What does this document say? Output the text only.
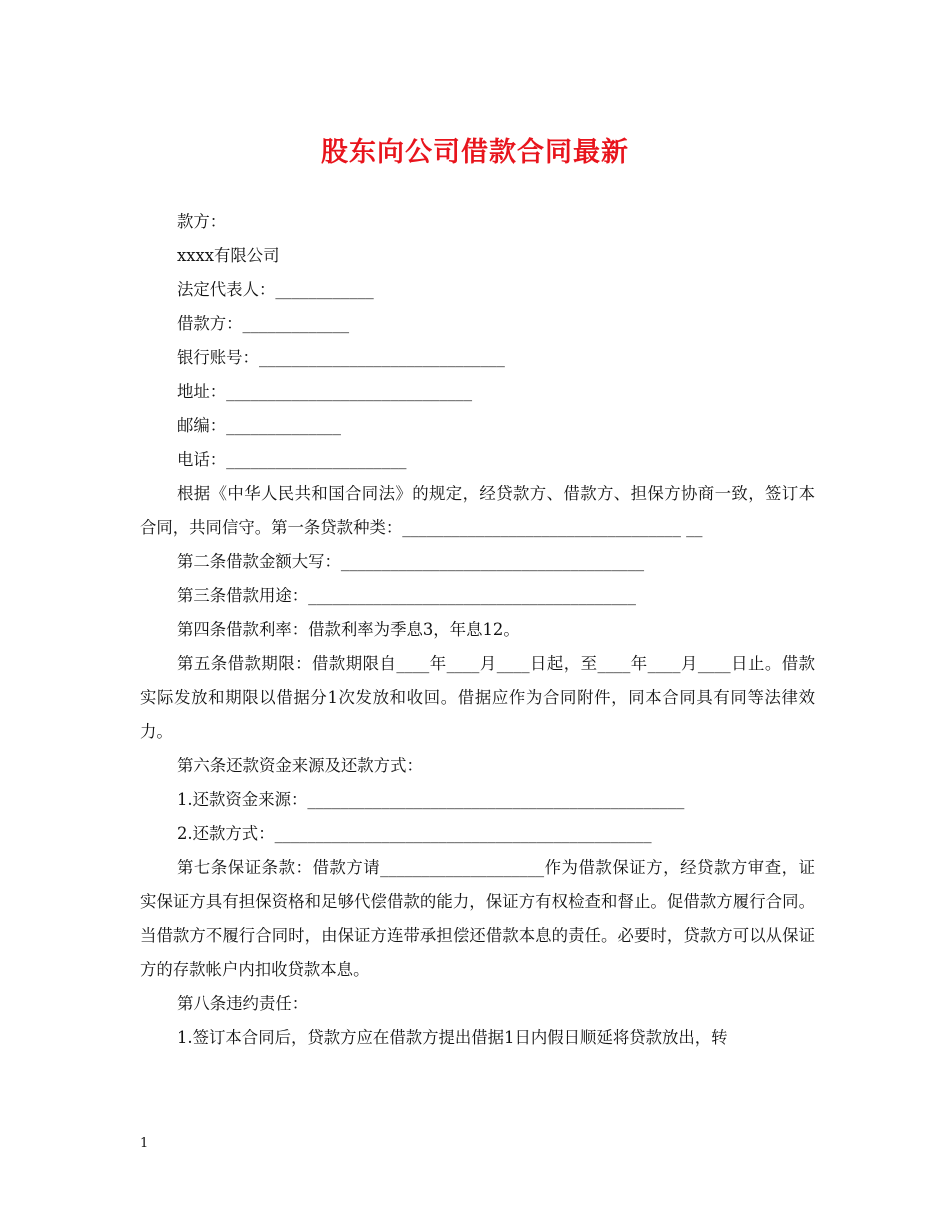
股东向公司借款合同最新

款方：

xxxx有限公司

法定代表人：____________

借款方：_____________

银行账号：______________________________

地址：______________________________

邮编：______________

电话：______________________

根据《中华人民共和国合同法》的规定，经贷款方、借款方、担保方协商一致，签订本合同，共同信守。第一条贷款种类：__________________________________ __

第二条借款金额大写：_____________________________________

第三条借款用途：________________________________________

第四条借款利率：借款利率为季息3，年息12。

第五条借款期限：借款期限自____年____月____日起，至____年____月____日止。借款实际发放和期限以借据分1次发放和收回。借据应作为合同附件，同本合同具有同等法律效力。

第六条还款资金来源及还款方式：

1.还款资金来源：______________________________________________

2.还款方式：______________________________________________

第七条保证条款：借款方请____________________作为借款保证方，经贷款方审查，证实保证方具有担保资格和足够代偿借款的能力，保证方有权检查和督止。促借款方履行合同。当借款方不履行合同时，由保证方连带承担偿还借款本息的责任。必要时，贷款方可以从保证方的存款帐户内扣收贷款本息。

第八条违约责任：

1.签订本合同后，贷款方应在借款方提出借据1日内假日顺延将贷款放出，转

1
